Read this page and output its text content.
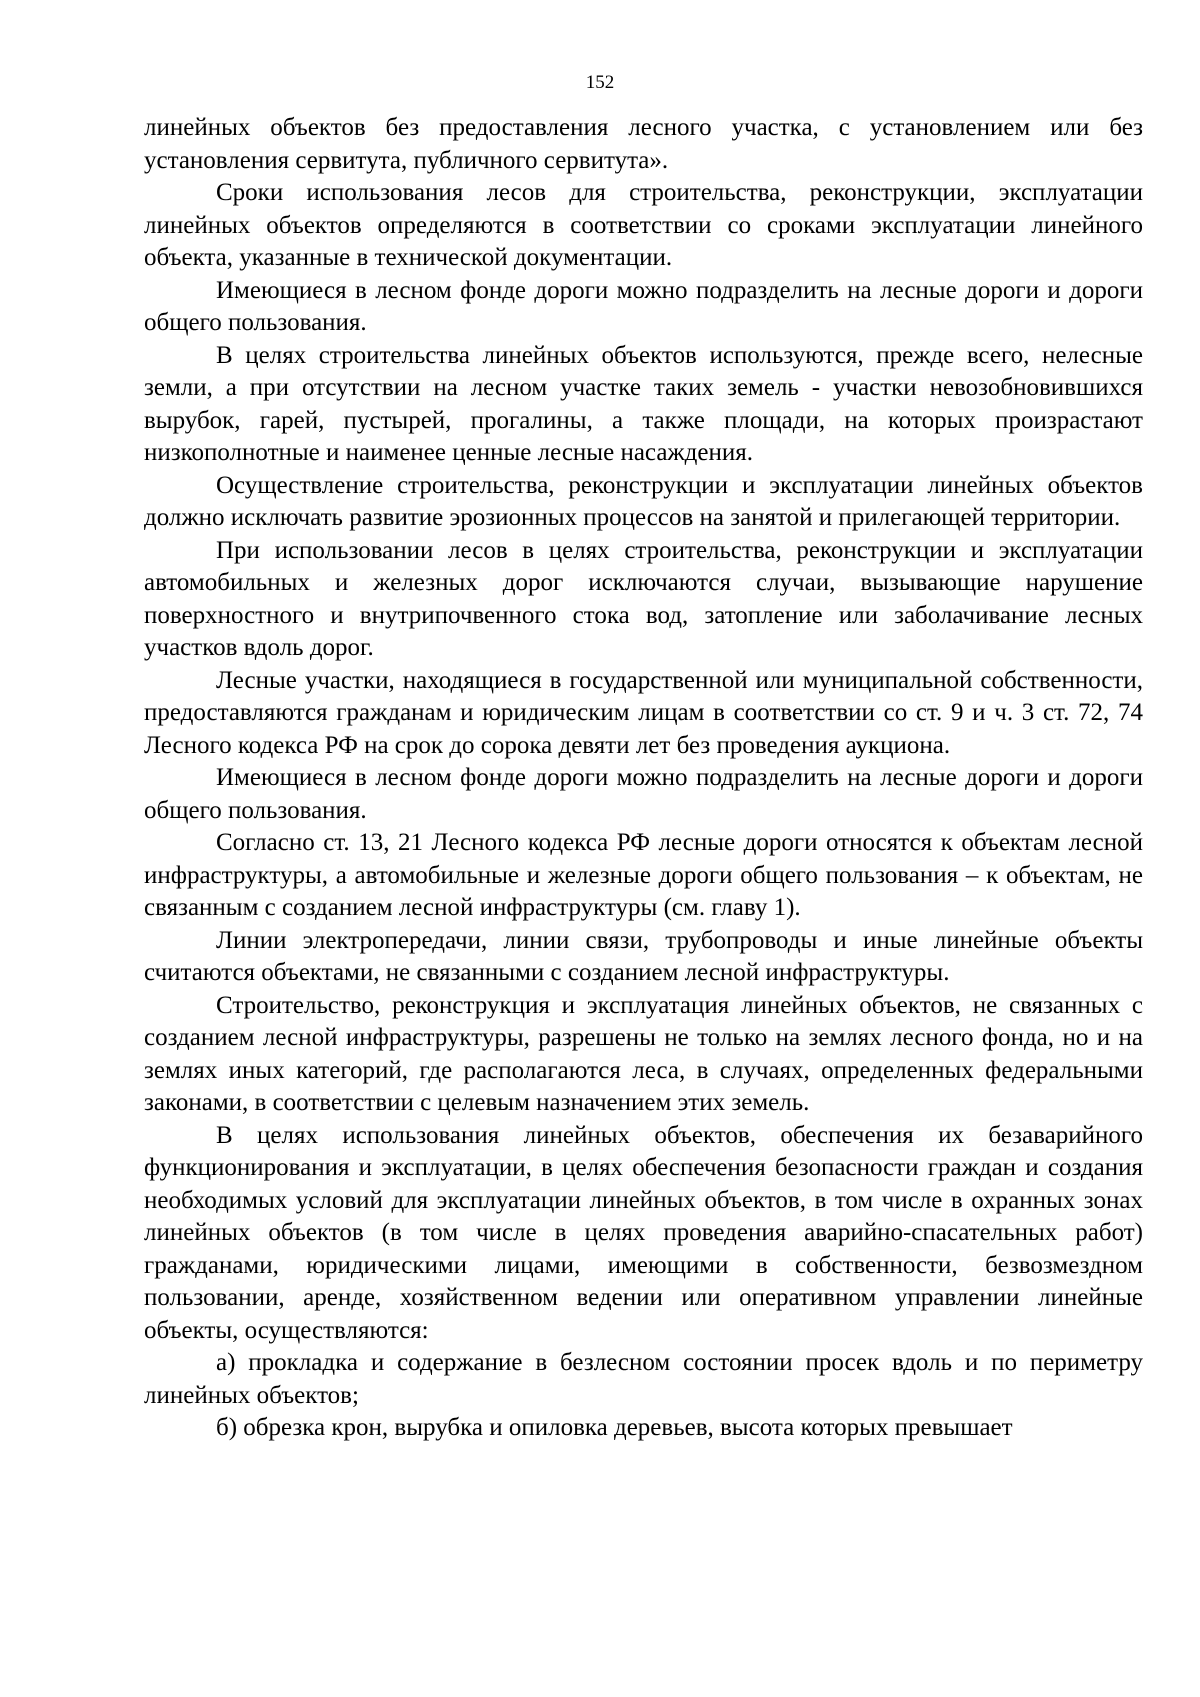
152

линейных объектов без предоставления лесного участка, с установлением или без установления сервитута, публичного сервитута».

Сроки использования лесов для строительства, реконструкции, эксплуатации линейных объектов определяются в соответствии со сроками эксплуатации линейного объекта, указанные в технической документации.

Имеющиеся в лесном фонде дороги можно подразделить на лесные дороги и дороги общего пользования.

В целях строительства линейных объектов используются, прежде всего, нелесные земли, а при отсутствии на лесном участке таких земель - участки невозобновившихся вырубок, гарей, пустырей, прогалины, а также площади, на которых произрастают низкополнотные и наименее ценные лесные насаждения.

Осуществление строительства, реконструкции и эксплуатации линейных объектов должно исключать развитие эрозионных процессов на занятой и прилегающей территории.

При использовании лесов в целях строительства, реконструкции и эксплуатации автомобильных и железных дорог исключаются случаи, вызывающие нарушение поверхностного и внутрипочвенного стока вод, затопление или заболачивание лесных участков вдоль дорог.

Лесные участки, находящиеся в государственной или муниципальной собственности, предоставляются гражданам и юридическим лицам в соответствии со ст. 9 и ч. 3 ст. 72, 74 Лесного кодекса РФ на срок до сорока девяти лет без проведения аукциона.

Имеющиеся в лесном фонде дороги можно подразделить на лесные дороги и дороги общего пользования.

Согласно ст. 13, 21 Лесного кодекса РФ лесные дороги относятся к объектам лесной инфраструктуры, а автомобильные и железные дороги общего пользования – к объектам, не связанным с созданием лесной инфраструктуры (см. главу 1).

Линии электропередачи, линии связи, трубопроводы и иные линейные объекты считаются объектами, не связанными с созданием лесной инфраструктуры.

Строительство, реконструкция и эксплуатация линейных объектов, не связанных с созданием лесной инфраструктуры, разрешены не только на землях лесного фонда, но и на землях иных категорий, где располагаются леса, в случаях, определенных федеральными законами, в соответствии с целевым назначением этих земель.

В целях использования линейных объектов, обеспечения их безаварийного функционирования и эксплуатации, в целях обеспечения безопасности граждан и создания необходимых условий для эксплуатации линейных объектов, в том числе в охранных зонах линейных объектов (в том числе в целях проведения аварийно-спасательных работ) гражданами, юридическими лицами, имеющими в собственности, безвозмездном пользовании, аренде, хозяйственном ведении или оперативном управлении линейные объекты, осуществляются:

а) прокладка и содержание в безлесном состоянии просек вдоль и по периметру линейных объектов;

б) обрезка крон, вырубка и опиловка деревьев, высота которых превышает
